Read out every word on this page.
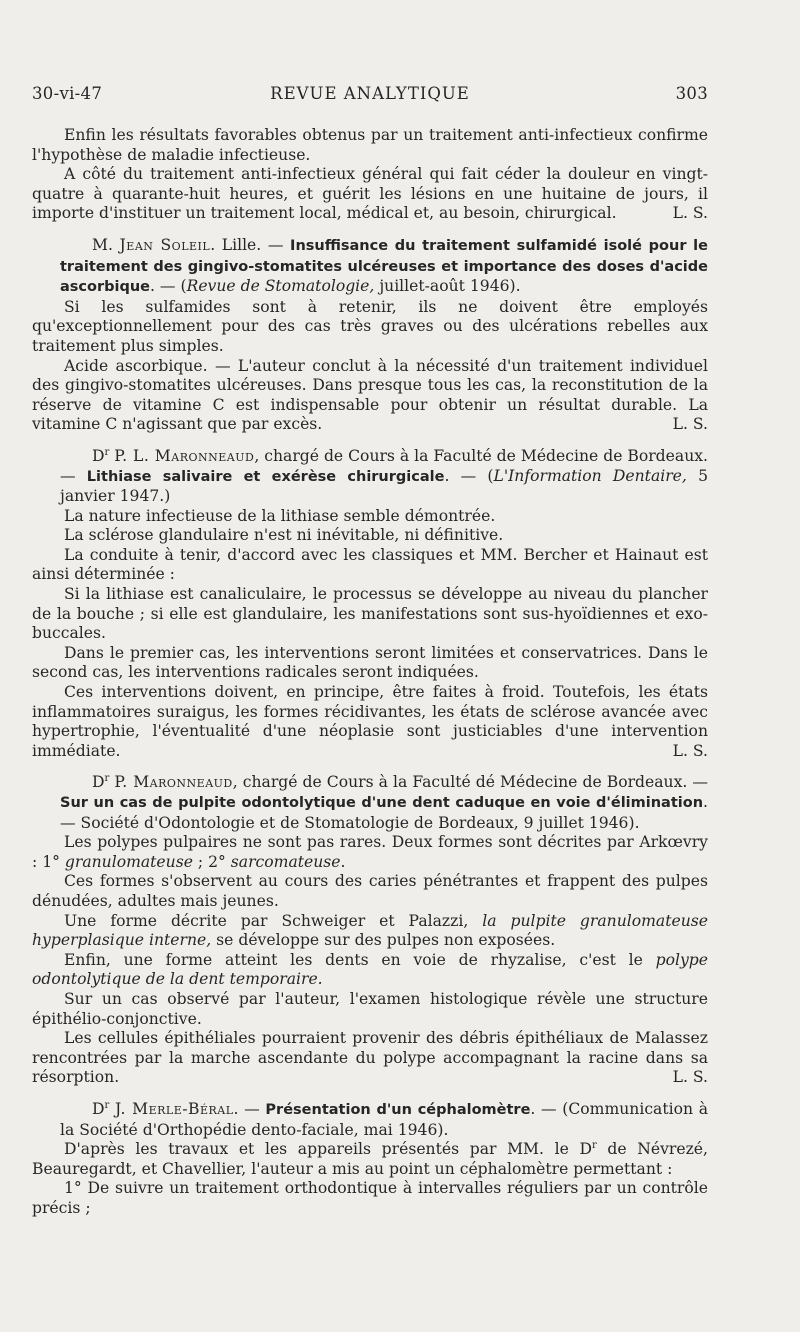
30-vi-47	REVUE ANALYTIQUE	303

Enfin les résultats favorables obtenus par un traitement anti-infectieux confirme l'hypothèse de maladie infectieuse.

A côté du traitement anti-infectieux général qui fait céder la douleur en vingt-quatre à quarante-huit heures, et guérit les lésions en une huitaine de jours, il importe d'instituer un traitement local, médical et, au besoin, chirurgical.	L. S.

M. Jean Soleil. Lille. — Insuffisance du traitement sulfamidé isolé pour le traitement des gingivo-stomatites ulcéreuses et importance des doses d'acide ascorbique. — (Revue de Stomatologie, juillet-août 1946).

Si les sulfamides sont à retenir, ils ne doivent être employés qu'exceptionnellement pour des cas très graves ou des ulcérations rebelles aux traitement plus simples.

Acide ascorbique. — L'auteur conclut à la nécessité d'un traitement individuel des gingivo-stomatites ulcéreuses. Dans presque tous les cas, la reconstitution de la réserve de vitamine C est indispensable pour obtenir un résultat durable. La vitamine C n'agissant que par excès.	L. S.

$D^r$ P. L. Maronneaud, chargé de Cours à la Faculté de Médecine de Bordeaux. — Lithiase salivaire et exérèse chirurgicale. — (L'Information Dentaire, 5 janvier 1947.)

La nature infectieuse de la lithiase semble démontrée.

La sclérose glandulaire n'est ni inévitable, ni définitive.

La conduite à tenir, d'accord avec les classiques et MM. Bercher et Hainaut est ainsi déterminée :

Si la lithiase est canaliculaire, le processus se développe au niveau du plancher de la bouche ; si elle est glandulaire, les manifestations sont sus-hyoïdiennes et exo-buccales.

Dans le premier cas, les interventions seront limitées et conservatrices. Dans le second cas, les interventions radicales seront indiquées.

Ces interventions doivent, en principe, être faites à froid. Toutefois, les états inflammatoires suraigus, les formes récidivantes, les états de sclérose avancée avec hypertrophie, l'éventualité d'une néoplasie sont justiciables d'une intervention immédiate.	L. S.

$D^r$ P. Maronneaud, chargé de Cours à la Faculté dé Médecine de Bordeaux. — Sur un cas de pulpite odontolytique d'une dent caduque en voie d'élimination. — Société d'Odontologie et de Stomatologie de Bordeaux, 9 juillet 1946).

Les polypes pulpaires ne sont pas rares. Deux formes sont décrites par Arkœvry : 1° granulomateuse ; 2° sarcomateuse.

Ces formes s'observent au cours des caries pénétrantes et frappent des pulpes dénudées, adultes mais jeunes.

Une forme décrite par Schweiger et Palazzi, la pulpite granulomateuse hyperplasique interne, se développe sur des pulpes non exposées.

Enfin, une forme atteint les dents en voie de rhyzalise, c'est le polype odontolytique de la dent temporaire.

Sur un cas observé par l'auteur, l'examen histologique révèle une structure épithélio-conjonctive.

Les cellules épithéliales pourraient provenir des débris épithéliaux de Malassez rencontrées par la marche ascendante du polype accompagnant la racine dans sa résorption.	L. S.

$D^r$ J. Merle-Béral. — Présentation d'un céphalomètre. — (Communication à la Société d'Orthopédie dento-faciale, mai 1946).

D'après les travaux et les appareils présentés par MM. le $D^r$ de Névrezé, Beauregardt, et Chavellier, l'auteur a mis au point un céphalomètre permettant :

1° De suivre un traitement orthodontique à intervalles réguliers par un contrôle précis ;
